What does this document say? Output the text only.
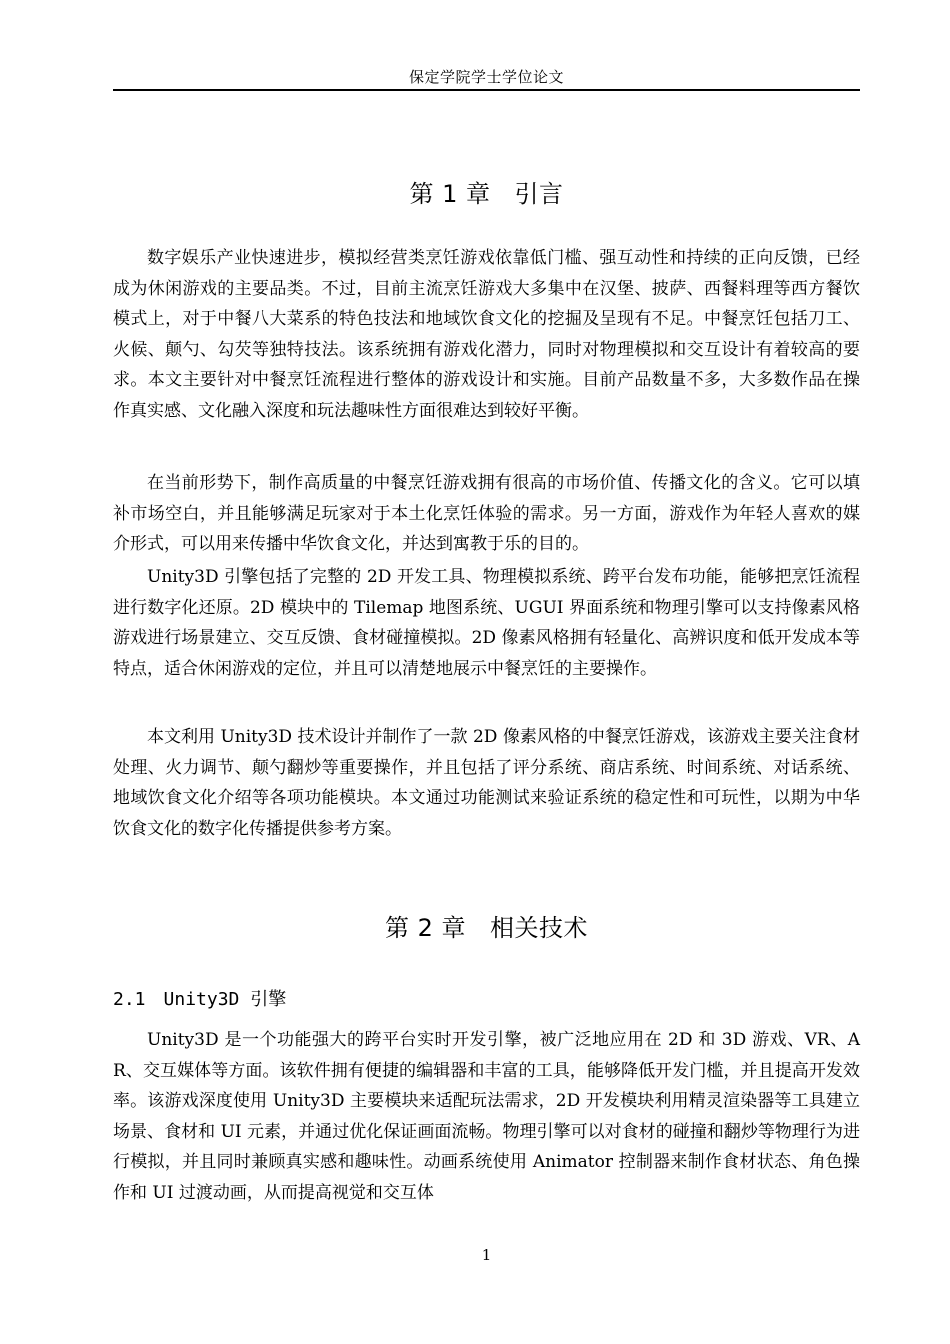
保定学院学士学位论文
第 1 章 引言

数字娱乐产业快速进步，模拟经营类烹饪游戏依靠低门槛、强互动性和持续的正向反馈，已经成为休闲游戏的主要品类。不过，目前主流烹饪游戏大多集中在汉堡、披萨、西餐料理等西方餐饮模式上，对于中餐八大菜系的特色技法和地域饮食文化的挖掘及呈现有不足。中餐烹饪包括刀工、火候、颠勺、勾芡等独特技法。该系统拥有游戏化潜力，同时对物理模拟和交互设计有着较高的要求。本文主要针对中餐烹饪流程进行整体的游戏设计和实施。目前产品数量不多，大多数作品在操作真实感、文化融入深度和玩法趣味性方面很难达到较好平衡。

在当前形势下，制作高质量的中餐烹饪游戏拥有很高的市场价值、传播文化的含义。它可以填补市场空白，并且能够满足玩家对于本土化烹饪体验的需求。另一方面，游戏作为年轻人喜欢的媒介形式，可以用来传播中华饮食文化，并达到寓教于乐的目的。

Unity3D 引擎包括了完整的 2D 开发工具、物理模拟系统、跨平台发布功能，能够把烹饪流程进行数字化还原。2D 模块中的 Tilemap 地图系统、UGUI 界面系统和物理引擎可以支持像素风格游戏进行场景建立、交互反馈、食材碰撞模拟。2D 像素风格拥有轻量化、高辨识度和低开发成本等特点，适合休闲游戏的定位，并且可以清楚地展示中餐烹饪的主要操作。

本文利用 Unity3D 技术设计并制作了一款 2D 像素风格的中餐烹饪游戏，该游戏主要关注食材处理、火力调节、颠勺翻炒等重要操作，并且包括了评分系统、商店系统、时间系统、对话系统、地域饮食文化介绍等各项功能模块。本文通过功能测试来验证系统的稳定性和可玩性，以期为中华饮食文化的数字化传播提供参考方案。

第 2 章 相关技术
2.1 Unity3D 引擎

Unity3D 是一个功能强大的跨平台实时开发引擎，被广泛地应用在 2D 和 3D 游戏、VR、AR、交互媒体等方面。该软件拥有便捷的编辑器和丰富的工具，能够降低开发门槛，并且提高开发效率。该游戏深度使用 Unity3D 主要模块来适配玩法需求，2D 开发模块利用精灵渲染器等工具建立场景、食材和 UI 元素，并通过优化保证画面流畅。物理引擎可以对食材的碰撞和翻炒等物理行为进行模拟，并且同时兼顾真实感和趣味性。动画系统使用 Animator 控制器来制作食材状态、角色操作和 UI 过渡动画，从而提高视觉和交互体

1
